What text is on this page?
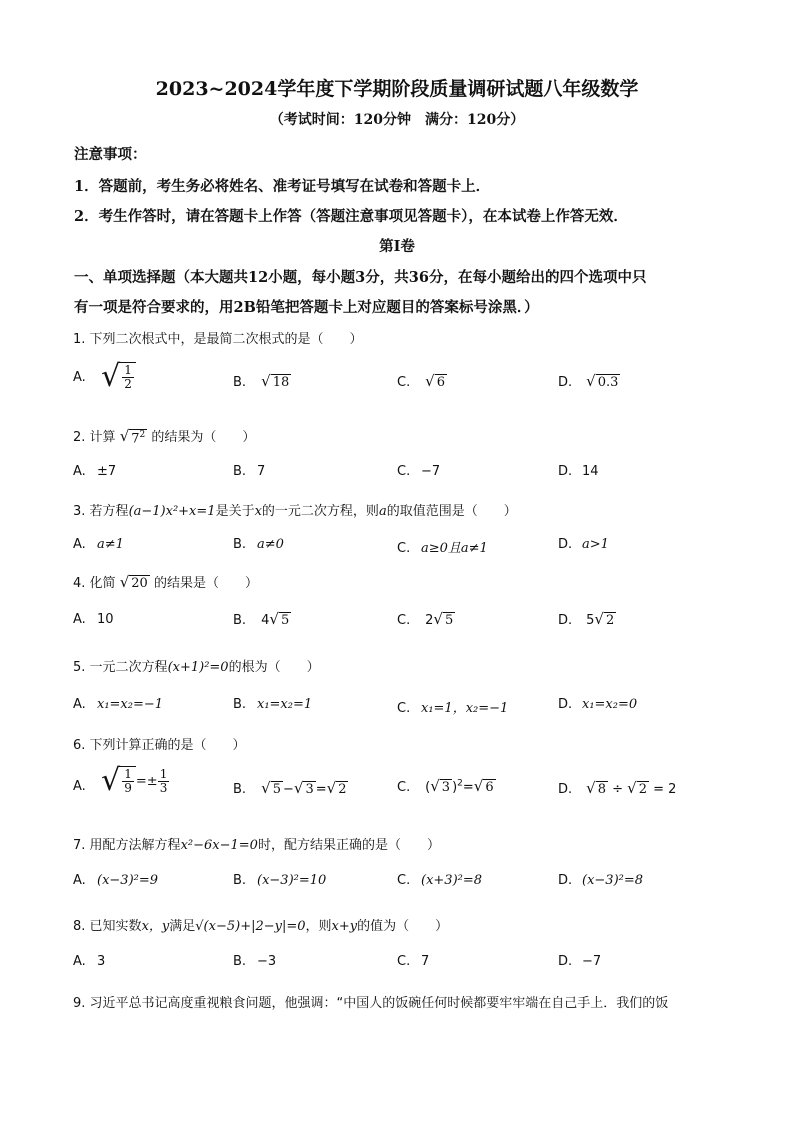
2023~2024学年度下学期阶段质量调研试题八年级数学
（考试时间：120分钟　满分：120分）
注意事项：
1．答题前，考生务必将姓名、准考证号填写在试卷和答题卡上．
2．考生作答时，请在答题卡上作答（答题注意事项见答题卡），在本试卷上作答无效．
第Ⅰ卷
一、单项选择题（本大题共12小题，每小题3分，共36分，在每小题给出的四个选项中只
有一项是符合要求的，用2B铅笔把答题卡上对应题目的答案标号涂黑．）
1. 下列二次根式中，是最简二次根式的是（　　）
A. √ $\frac{1}{2}$	B. √ 18	C. √ 6	D. √ 0.3
2. 计算 √ $7^2$ 的结果为（　　）
A. ±7	B. 7	C. −7	D. 14
3. 若方程(a−1)x²+x=1是关于x的一元二次方程，则a的取值范围是（　　）
A. a≠1	B. a≠0	C. a≥0且a≠1	D. a>1
4. 化简 √ 20 的结果是（　　）
A. 10	B. 4 √ 5	C. 2 √ 5	D. 5 √ 2
5. 一元二次方程(x+1)²=0的根为（　　）
A. x₁=x₂=−1	B. x₁=x₂=1	C. x₁=1，x₂=−1	D. x₁=x₂=0
6. 下列计算正确的是（　　）
A. √ $\frac{1}{9} =\pm \frac{1}{3}$	B. √ 5 − √ 3 = √ 2	C. ( √ 3 )$^2$= √ 6	D. √ 8 ÷ √ 2 = 2
7. 用配方法解方程x²−6x−1=0时，配方结果正确的是（　　）
A. (x−3)²=9	B. (x−3)²=10	C. (x+3)²=8	D. (x−3)²=8
8. 已知实数x，y满足√(x−5)+|2−y|=0，则x+y的值为（　　）
A. 3	B. −3	C. 7	D. −7
9. 习近平总书记高度重视粮食问题，他强调：“中国人的饭碗任何时候都要牢牢端在自己手上．我们的饭
